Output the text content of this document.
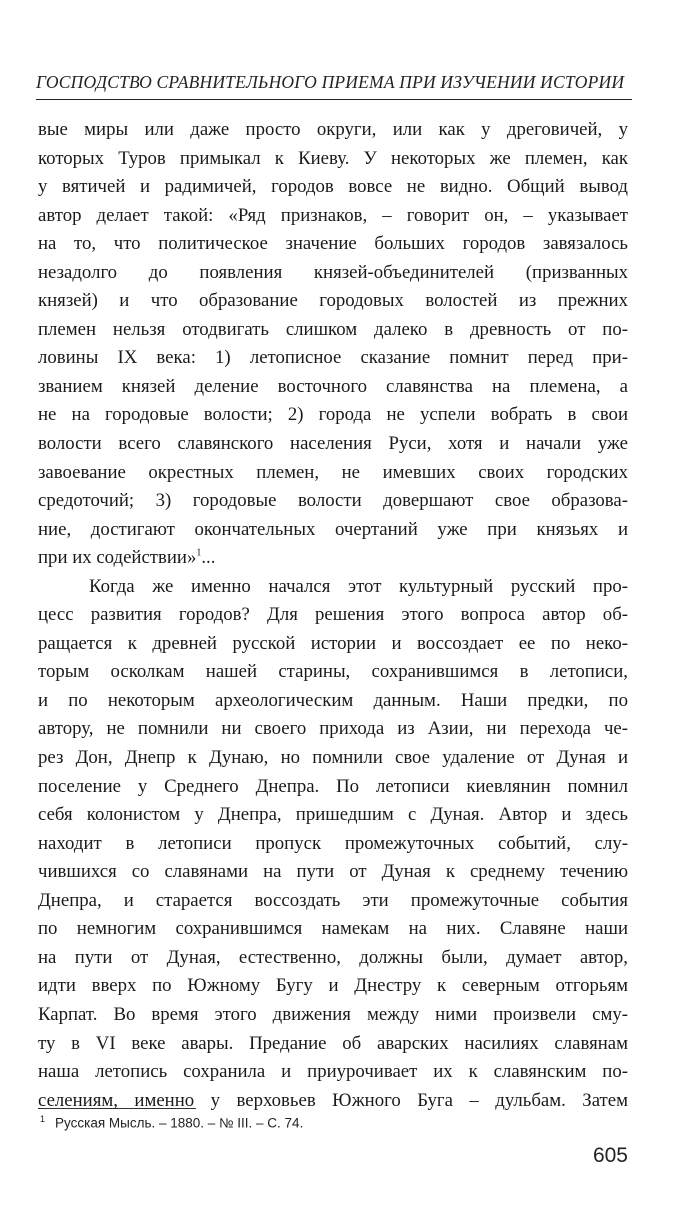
ГОСПОДСТВО СРАВНИТЕЛЬНОГО ПРИЕМА ПРИ ИЗУЧЕНИИ ИСТОРИИ
вые миры или даже просто округи, или как у дреговичей, у
которых Туров примыкал к Киеву. У некоторых же племен, как
у вятичей и радимичей, городов вовсе не видно. Общий вывод
автор делает такой: «Ряд признаков, – говорит он, – указывает
на то, что политическое значение больших городов завязалось
незадолго до появления князей-объединителей (призванных
князей) и что образование городовых волостей из прежних
племен нельзя отодвигать слишком далеко в древность от по-
ловины IX века: 1) летописное сказание помнит перед при-
званием князей деление восточного славянства на племена, а
не на городовые волости; 2) города не успели вобрать в свои
волости всего славянского населения Руси, хотя и начали уже
завоевание окрестных племен, не имевших своих городских
средоточий; 3) городовые волости довершают свое образова-
ние, достигают окончательных очертаний уже при князьях и
при их содействии»$^1$...
Когда же именно начался этот культурный русский про-
цесс развития городов? Для решения этого вопроса автор об-
ращается к древней русской истории и воссоздает ее по неко-
торым осколкам нашей старины, сохранившимся в летописи,
и по некоторым археологическим данным. Наши предки, по
автору, не помнили ни своего прихода из Азии, ни перехода че-
рез Дон, Днепр к Дунаю, но помнили свое удаление от Дуная и
поселение у Среднего Днепра. По летописи киевлянин помнил
себя колонистом у Днепра, пришедшим с Дуная. Автор и здесь
находит в летописи пропуск промежуточных событий, слу-
чившихся со славянами на пути от Дуная к среднему течению
Днепра, и старается воссоздать эти промежуточные события
по немногим сохранившимся намекам на них. Славяне наши
на пути от Дуная, естественно, должны были, думает автор,
идти вверх по Южному Бугу и Днестру к северным отгорьям
Карпат. Во время этого движения между ними произвели сму-
ту в VI веке авары. Предание об аварских насилиях славянам
наша летопись сохранила и приурочивает их к славянским по-
селениям, именно у верховьев Южного Буга – дульбам. Затем
$^1$ Русская Мысль. – 1880. – № III. – С. 74.
605
